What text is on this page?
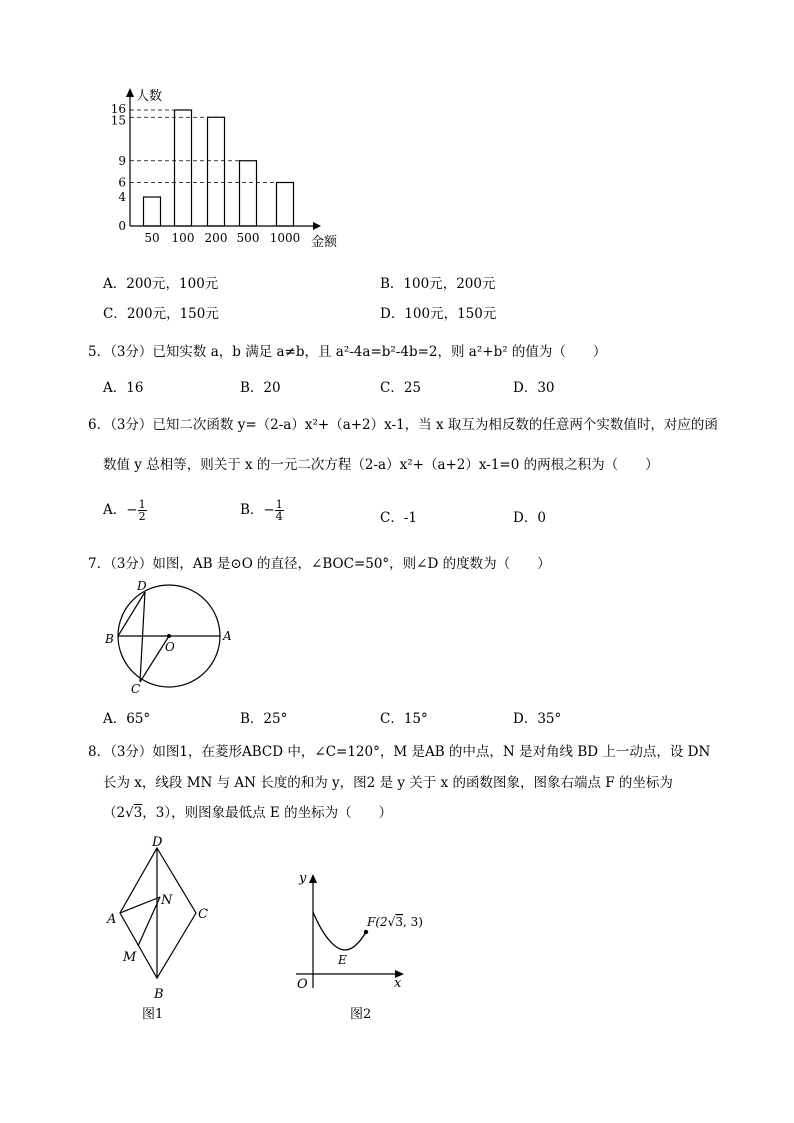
人数
金额
0
4
6
9
15
16
50 100 200 500 1000
A．200元，100元	B．100元，200元
C．200元，150元	D．100元，150元
5．（3分）已知实数 a，b 满足 a≠b，且 a²-4a=b²-4b=2，则 a²+b² 的值为（　　）
A．16	B．20	C．25	D．30
6．（3分）已知二次函数 y=（2-a）x²+（a+2）x-1，当 x 取互为相反数的任意两个实数值时，对应的函
数值 y 总相等，则关于 x 的一元二次方程（2-a）x²+（a+2）x-1=0 的两根之积为（　　）
A．− $\frac{1}{2}$	B．− $\frac{1}{4}$	C．-1	D．0
7．（3分）如图，AB 是⊙O 的直径，∠BOC=50°，则∠D 的度数为（　　）
D
B	A
O
C
A．65°	B．25°	C．15°	D．35°
8．（3分）如图1，在菱形ABCD 中，∠C=120°，M 是AB 的中点，N 是对角线 BD 上一动点，设 DN
长为 x，线段 MN 与 AN 长度的和为 y，图2 是 y 关于 x 的函数图象，图象右端点 F 的坐标为
（2√3，3），则图象最低点 E 的坐标为（　　）
D
N
A	C
M
B
图1
y
x
O
E
F(2√3, 3)
图2
